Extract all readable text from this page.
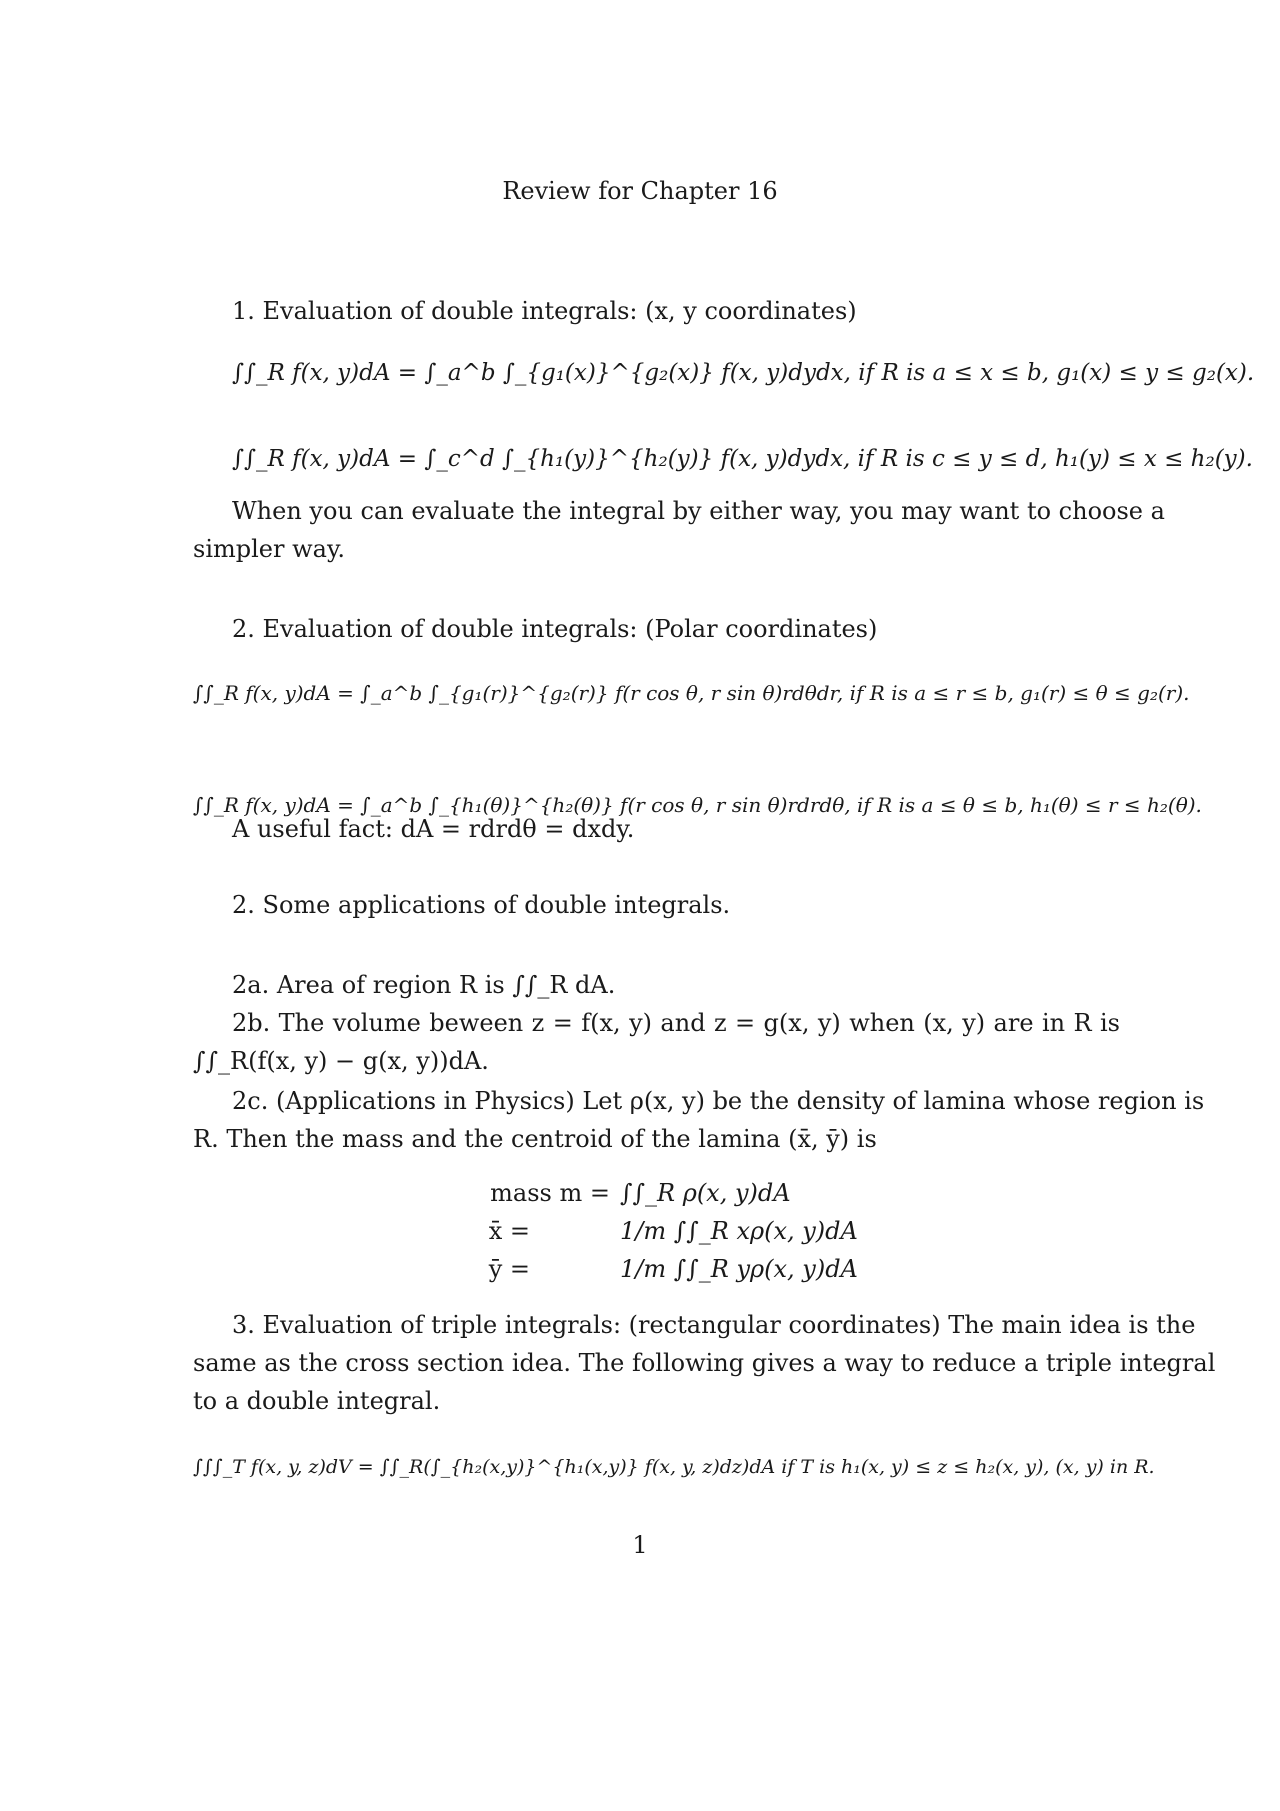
Review for Chapter 16
1. Evaluation of double integrals: (x, y coordinates)
∫∫_R f(x, y)dA = ∫_a^b ∫_{g₁(x)}^{g₂(x)} f(x, y)dydx, if R is a ≤ x ≤ b, g₁(x) ≤ y ≤ g₂(x).
∫∫_R f(x, y)dA = ∫_c^d ∫_{h₁(y)}^{h₂(y)} f(x, y)dydx, if R is c ≤ y ≤ d, h₁(y) ≤ x ≤ h₂(y).
When you can evaluate the integral by either way, you may want to choose a
simpler way.
2. Evaluation of double integrals: (Polar coordinates)
∫∫_R f(x, y)dA = ∫_a^b ∫_{g₁(r)}^{g₂(r)} f(r cos θ, r sin θ)rdθdr, if R is a ≤ r ≤ b, g₁(r) ≤ θ ≤ g₂(r).
∫∫_R f(x, y)dA = ∫_a^b ∫_{h₁(θ)}^{h₂(θ)} f(r cos θ, r sin θ)rdrdθ, if R is a ≤ θ ≤ b, h₁(θ) ≤ r ≤ h₂(θ).
A useful fact: dA = rdrdθ = dxdy.
2. Some applications of double integrals.
2a. Area of region R is ∫∫_R dA.
2b. The volume beween z = f(x, y) and z = g(x, y) when (x, y) are in R is
∫∫_R(f(x, y) − g(x, y))dA.
2c. (Applications in Physics) Let ρ(x, y) be the density of lamina whose region is
R. Then the mass and the centroid of the lamina (x̄, ȳ) is
mass m = ∫∫_R ρ(x, y)dA
x̄ =	1/m ∫∫_R xρ(x, y)dA
ȳ =	1/m ∫∫_R yρ(x, y)dA
3. Evaluation of triple integrals: (rectangular coordinates) The main idea is the
same as the cross section idea. The following gives a way to reduce a triple integral
to a double integral.
∫∫∫_T f(x, y, z)dV = ∫∫_R(∫_{h₂(x,y)}^{h₁(x,y)} f(x, y, z)dz)dA if T is h₁(x, y) ≤ z ≤ h₂(x, y), (x, y) in R.
1
